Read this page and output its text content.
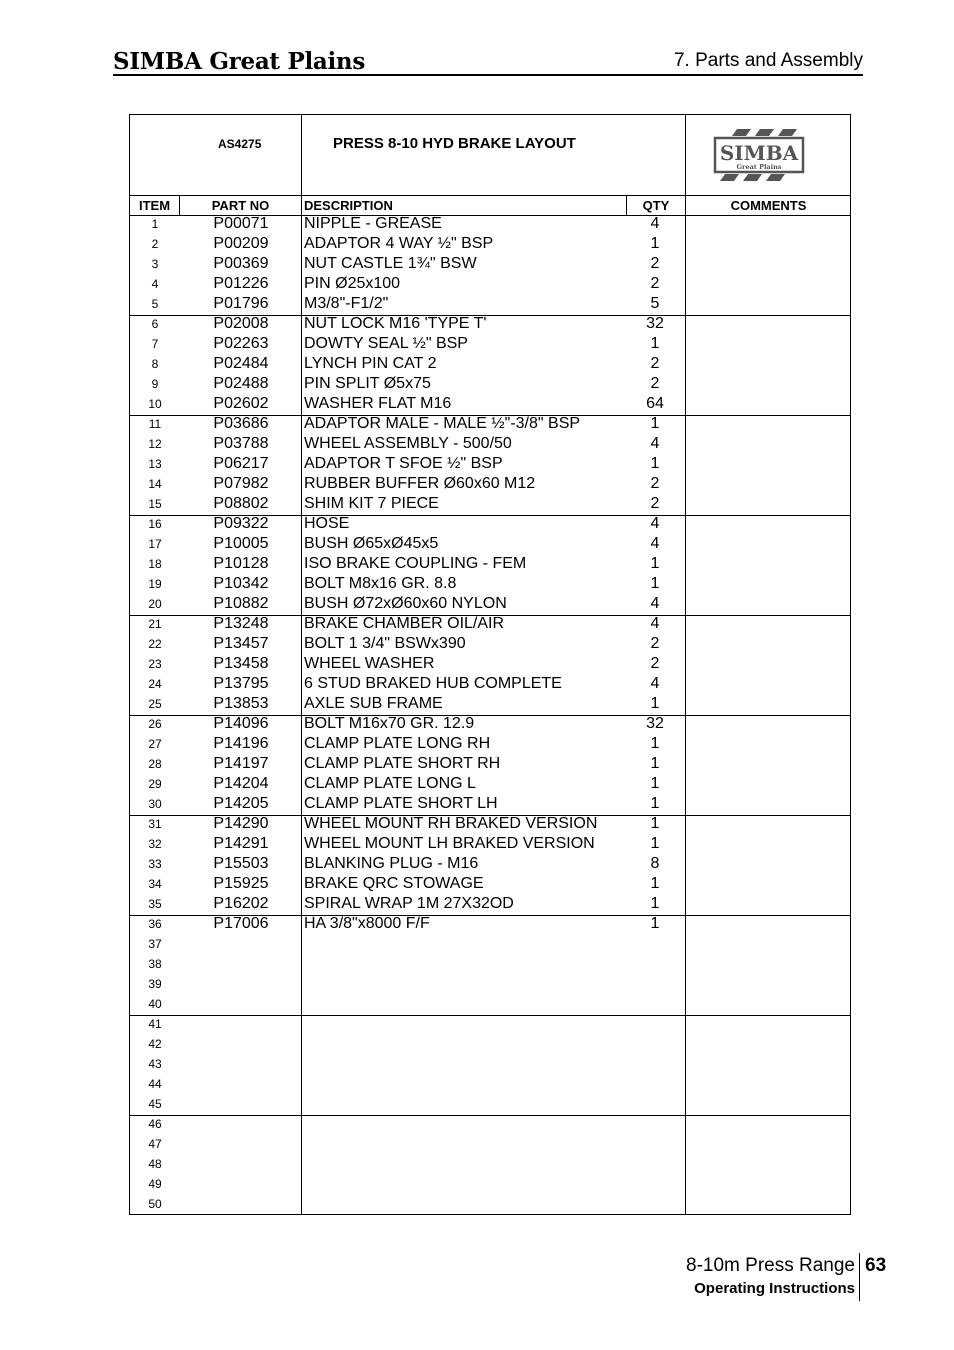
SIMBA Great Plains	7. Parts and Assembly
AS4275	PRESS 8-10 HYD BRAKE LAYOUT	SIMBA
Great Plains
ITEM	PART NO	DESCRIPTION	QTY	COMMENTS
1	P00071	NIPPLE - GREASE	4
2	P00209	ADAPTOR 4 WAY ½" BSP	1
3	P00369	NUT CASTLE 1¾" BSW	2
4	P01226	PIN Ø25x100	2
5	P01796	M3/8"-F1/2"	5
6	P02008	NUT LOCK M16 'TYPE T'	32
7	P02263	DOWTY SEAL ½" BSP	1
8	P02484	LYNCH PIN CAT 2	2
9	P02488	PIN SPLIT Ø5x75	2
10	P02602	WASHER FLAT M16	64
11	P03686	ADAPTOR MALE - MALE ½"-3/8" BSP	1
12	P03788	WHEEL ASSEMBLY - 500/50	4
13	P06217	ADAPTOR T SFOE ½" BSP	1
14	P07982	RUBBER BUFFER Ø60x60 M12	2
15	P08802	SHIM KIT 7 PIECE	2
16	P09322	HOSE	4
17	P10005	BUSH Ø65xØ45x5	4
18	P10128	ISO BRAKE COUPLING - FEM	1
19	P10342	BOLT M8x16 GR. 8.8	1
20	P10882	BUSH Ø72xØ60x60 NYLON	4
21	P13248	BRAKE CHAMBER OIL/AIR	4
22	P13457	BOLT 1 3/4" BSWx390	2
23	P13458	WHEEL WASHER	2
24	P13795	6 STUD BRAKED HUB COMPLETE	4
25	P13853	AXLE SUB FRAME	1
26	P14096	BOLT M16x70 GR. 12.9	32
27	P14196	CLAMP PLATE LONG RH	1
28	P14197	CLAMP PLATE SHORT RH	1
29	P14204	CLAMP PLATE LONG L	1
30	P14205	CLAMP PLATE SHORT LH	1
31	P14290	WHEEL MOUNT RH BRAKED VERSION	1
32	P14291	WHEEL MOUNT LH BRAKED VERSION	1
33	P15503	BLANKING PLUG - M16	8
34	P15925	BRAKE QRC STOWAGE	1
35	P16202	SPIRAL WRAP 1M 27X32OD	1
36	P17006	HA 3/8"x8000 F/F	1
37
38
39
40
41
42
43
44
45
46
47
48
49
50
8-10m Press Range
Operating Instructions
63
